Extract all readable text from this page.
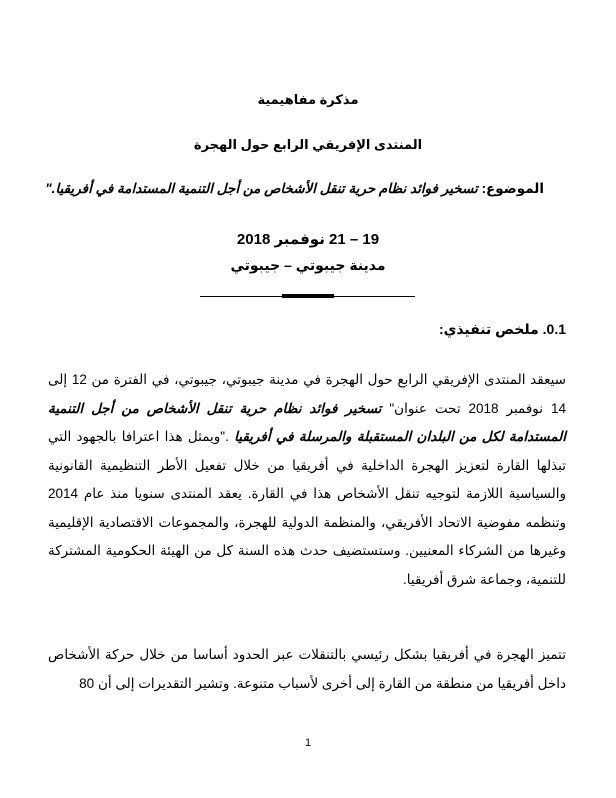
مذكرة مفاهيمية
المنتدى الإفريقي الرابع حول الهجرة
الموضوع: تسخير فوائد نظام حرية تنقل الأشخاص من أجل التنمية المستدامة في أفريقيا."
19 – 21 نوفمبر 2018
مدينة جيبوتي – جيبوتي
0.1. ملخص تنفيذي:
سيعقد المنتدى الإفريقي الرابع حول الهجرة في مدينة جيبوتي، جيبوتي، في الفترة من 12 إلى 14 نوفمبر 2018 تحت عنوان" تسخير فوائد نظام حرية تنقل الأشخاص من أجل التنمية المستدامة لكل من البلدان المستقبلة والمرسلة في أفريقيا ."ويمثل هذا اعترافا بالجهود التي تبذلها القارة لتعزيز الهجرة الداخلية في أفريقيا من خلال تفعيل الأطر التنظيمية القانونية والسياسية اللازمة لتوجيه تنقل الأشخاص هذا في القارة. يعقد المنتدى سنويا منذ عام 2014 وتنظمه مفوضية الاتحاد الأفريقي، والمنظمة الدولية للهجرة، والمجموعات الاقتصادية الإقليمية وغيرها من الشركاء المعنيين. وستستضيف حدث هذه السنة كل من الهيئة الحكومية المشتركة للتنمية، وجماعة شرق أفريقيا.
تتميز الهجرة في أفريقيا بشكل رئيسي بالتنقلات عبر الحدود أساسا من خلال حركة الأشخاص داخل أفريقيا من منطقة من القارة إلى أخرى لأسباب متنوعة. وتشير التقديرات إلى أن 80
1
